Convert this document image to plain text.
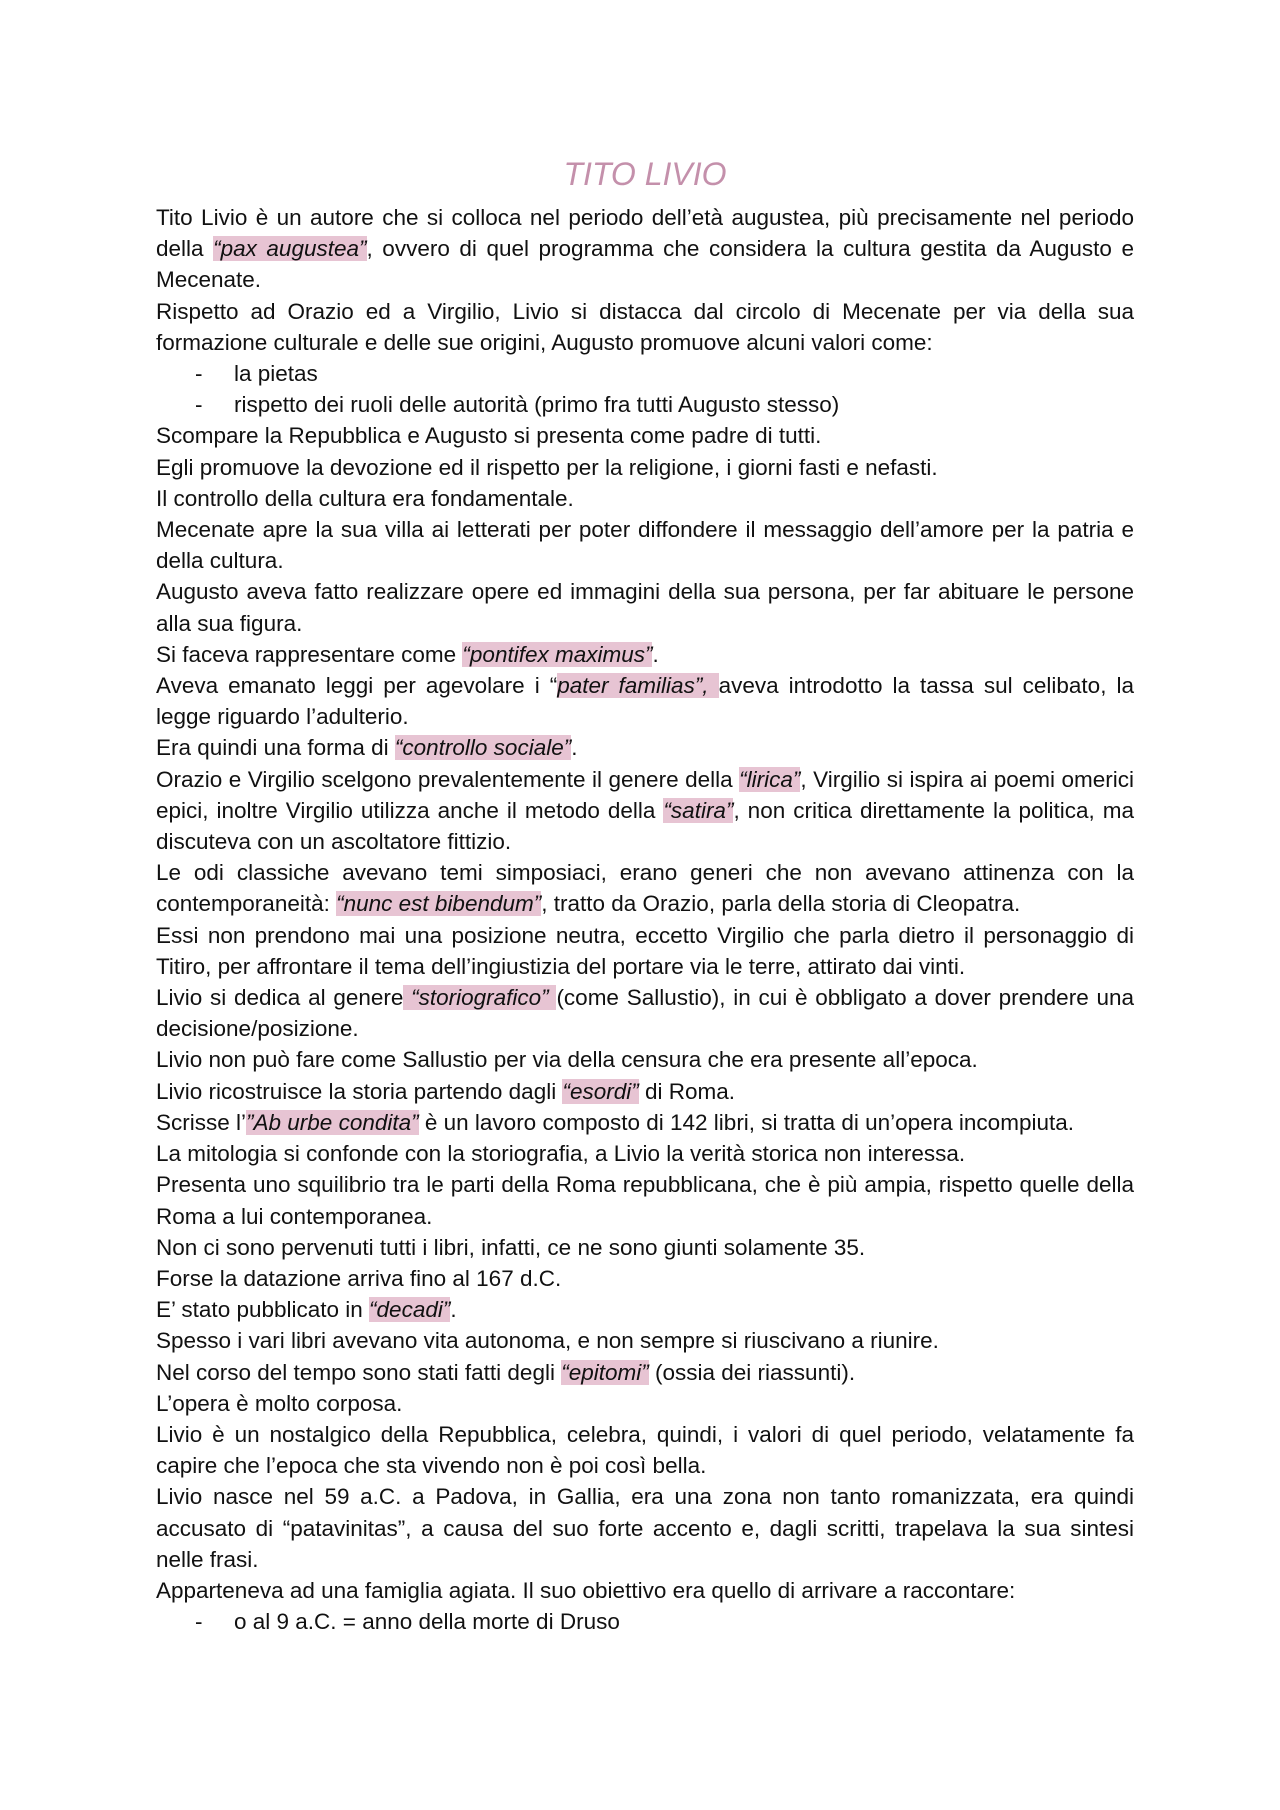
TITO LIVIO

Tito Livio è un autore che si colloca nel periodo dell’età augustea, più precisamente nel periodo della “pax augustea”, ovvero di quel programma che considera la cultura gestita da Augusto e Mecenate.

Rispetto ad Orazio ed a Virgilio, Livio si distacca dal circolo di Mecenate per via della sua formazione culturale e delle sue origini, Augusto promuove alcuni valori come:

- la pietas
- rispetto dei ruoli delle autorità (primo fra tutti Augusto stesso)

Scompare la Repubblica e Augusto si presenta come padre di tutti.

Egli promuove la devozione ed il rispetto per la religione, i giorni fasti e nefasti.

Il controllo della cultura era fondamentale.

Mecenate apre la sua villa ai letterati per poter diffondere il messaggio dell’amore per la patria e della cultura.

Augusto aveva fatto realizzare opere ed immagini della sua persona, per far abituare le persone alla sua figura.

Si faceva rappresentare come “pontifex maximus”.

Aveva emanato leggi per agevolare i “pater familias”, aveva introdotto la tassa sul celibato, la legge riguardo l’adulterio.

Era quindi una forma di “controllo sociale”.

Orazio e Virgilio scelgono prevalentemente il genere della “lirica”, Virgilio si ispira ai poemi omerici epici, inoltre Virgilio utilizza anche il metodo della “satira”, non critica direttamente la politica, ma discuteva con un ascoltatore fittizio.

Le odi classiche avevano temi simposiaci, erano generi che non avevano attinenza con la contemporaneità: “nunc est bibendum”, tratto da Orazio, parla della storia di Cleopatra.

Essi non prendono mai una posizione neutra, eccetto Virgilio che parla dietro il personaggio di Titiro, per affrontare il tema dell’ingiustizia del portare via le terre, attirato dai vinti.

Livio si dedica al genere “storiografico” (come Sallustio), in cui è obbligato a dover prendere una decisione/posizione.

Livio non può fare come Sallustio per via della censura che era presente all’epoca.

Livio ricostruisce la storia partendo dagli “esordi” di Roma.

Scrisse l’”Ab urbe condita” è un lavoro composto di 142 libri, si tratta di un’opera incompiuta.

La mitologia si confonde con la storiografia, a Livio la verità storica non interessa.

Presenta uno squilibrio tra le parti della Roma repubblicana, che è più ampia, rispetto quelle della Roma a lui contemporanea.

Non ci sono pervenuti tutti i libri, infatti, ce ne sono giunti solamente 35.

Forse la datazione arriva fino al 167 d.C.

E’ stato pubblicato in “decadi”.

Spesso i vari libri avevano vita autonoma, e non sempre si riuscivano a riunire.

Nel corso del tempo sono stati fatti degli “epitomi” (ossia dei riassunti).

L’opera è molto corposa.

Livio è un nostalgico della Repubblica, celebra, quindi, i valori di quel periodo, velatamente fa capire che l’epoca che sta vivendo non è poi così bella.

Livio nasce nel 59 a.C. a Padova, in Gallia, era una zona non tanto romanizzata, era quindi accusato di “patavinitas”, a causa del suo forte accento e, dagli scritti, trapelava la sua sintesi nelle frasi.

Apparteneva ad una famiglia agiata. Il suo obiettivo era quello di arrivare a raccontare:

- o al 9 a.C. = anno della morte di Druso
